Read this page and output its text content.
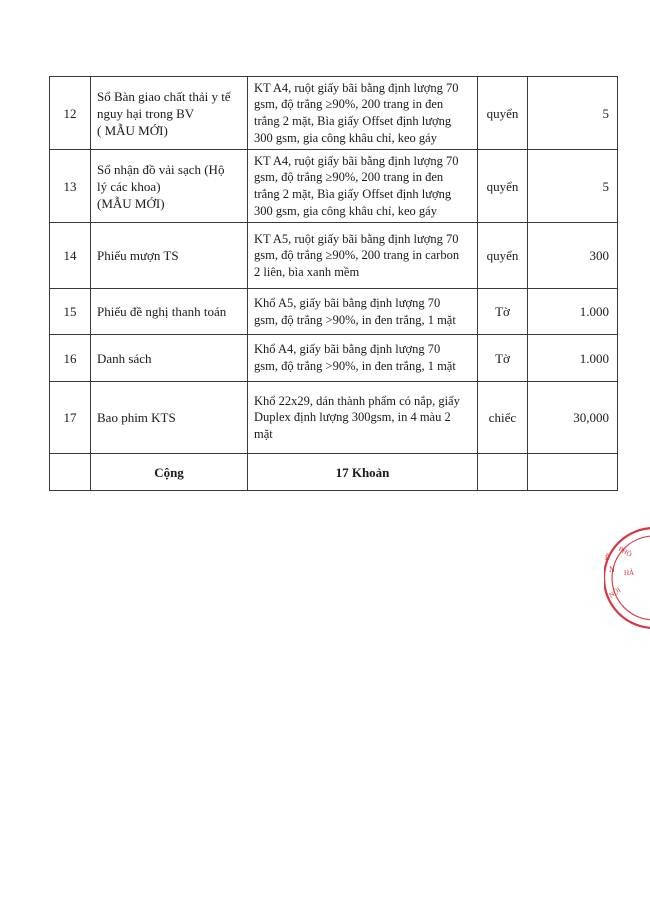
12	Sổ Bàn giao chất thải y tế
nguy hại trong BV
( MẪU MỚI)	KT A4, ruột giấy bãi bằng định lượng 70
gsm, độ trắng ≥90%, 200 trang in đen
trắng 2 mặt, Bìa giấy Offset định lượng
300 gsm, gia công khâu chỉ, keo gáy	quyển	5
13	Sổ nhận đồ vải sạch (Hộ
lý các khoa)
(MẪU MỚI)	KT A4, ruột giấy bãi bằng định lượng 70
gsm, độ trắng ≥90%, 200 trang in đen
trắng 2 mặt, Bìa giấy Offset định lượng
300 gsm, gia công khâu chỉ, keo gáy	quyển	5
14	Phiếu mượn TS	KT A5, ruột giấy bãi bằng định lượng 70
gsm, độ trắng ≥90%, 200 trang in carbon
2 liên, bìa xanh mềm	quyển	300
15	Phiếu đề nghị thanh toán	Khổ A5, giấy bãi bằng định lượng 70
gsm, độ trắng >90%, in đen trắng, 1 mặt	Tờ	1.000
16	Danh sách	Khổ A4, giấy bãi bằng định lượng 70
gsm, độ trắng >90%, in đen trắng, 1 mặt	Tờ	1.000
17	Bao phim KTS	Khổ 22x29, dán thành phẩm có nắp, giấy
Duplex định lượng 300gsm, in 4 màu 2
mặt	chiếc	30,000
	Cộng	17 Khoản		
PHÒ
N HÀ
NỘI
Ễ
